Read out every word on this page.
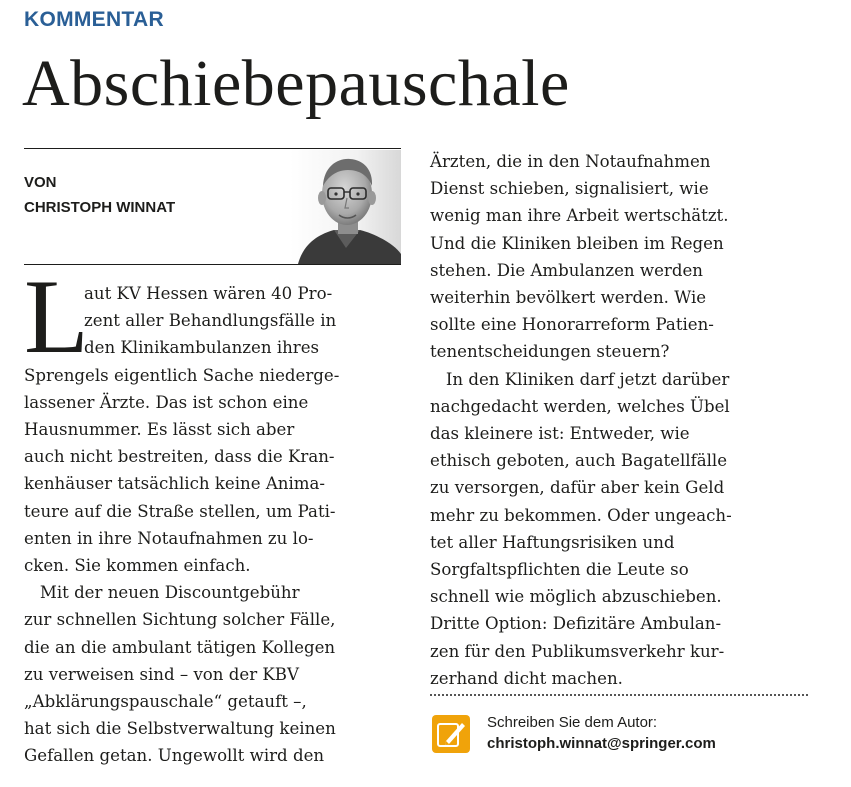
KOMMENTAR
Abschiebepauschale
VON
CHRISTOPH WINNAT
L
aut KV Hessen wären 40 Pro-
zent aller Behandlungsfälle in
den Klinikambulanzen ihres
Sprengels eigentlich Sache niederge-
lassener Ärzte. Das ist schon eine
Hausnummer. Es lässt sich aber
auch nicht bestreiten, dass die Kran-
kenhäuser tatsächlich keine Anima-
teure auf die Straße stellen, um Pati-
enten in ihre Notaufnahmen zu lo-
cken. Sie kommen einfach.
Mit der neuen Discountgebühr
zur schnellen Sichtung solcher Fälle,
die an die ambulant tätigen Kollegen
zu verweisen sind – von der KBV
„Abklärungspauschale“ getauft –,
hat sich die Selbstverwaltung keinen
Gefallen getan. Ungewollt wird den
Ärzten, die in den Notaufnahmen
Dienst schieben, signalisiert, wie
wenig man ihre Arbeit wertschätzt.
Und die Kliniken bleiben im Regen
stehen. Die Ambulanzen werden
weiterhin bevölkert werden. Wie
sollte eine Honorarreform Patien-
tenentscheidungen steuern?
In den Kliniken darf jetzt darüber
nachgedacht werden, welches Übel
das kleinere ist: Entweder, wie
ethisch geboten, auch Bagatellfälle
zu versorgen, dafür aber kein Geld
mehr zu bekommen. Oder ungeach-
tet aller Haftungsrisiken und
Sorgfaltspflichten die Leute so
schnell wie möglich abzuschieben.
Dritte Option: Defizitäre Ambulan-
zen für den Publikumsverkehr kur-
zerhand dicht machen.
Schreiben Sie dem Autor:
christoph.winnat@springer.com
